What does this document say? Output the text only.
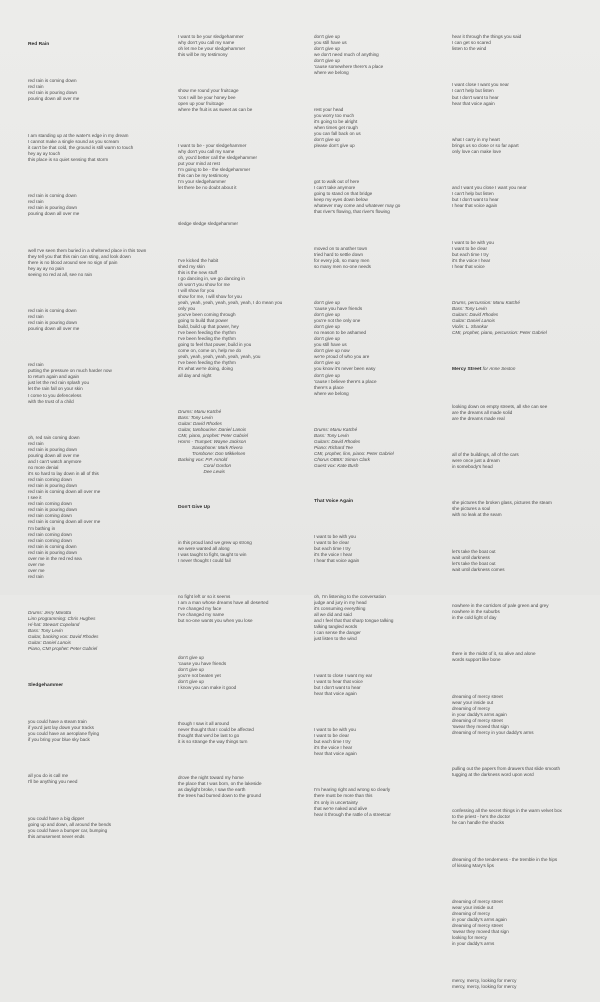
Red Rain

red rain is coming down
red rain
red rain is pouring down
pouring down all over me

I am standing up at the water's edge in my dream
I cannot make a single sound as you scream
it can't be that cold, the ground is still warm to touch
hey ay ay touch
this place is so quiet sensing that storm

red rain is coming down
red rain
red rain is pouring down
pouring down all over me

well I've seen them buried in a sheltered place in this town
they tell you that this rain can sting, and look down
there is no blood around see no sign of pain
hey ay ay no pain
seeing no red at all, see no rain

red rain is coming down
red rain
red rain is pouring down
pouring down all over me

red rain
putting the pressure on much harder now
to return again and again
just let the red rain splash you
let the rain fall on your skin
I come to you defenceless
with the trust of a child

oh, red rain coming down
red rain
red rain is pouring down
pouring down all over me
and I can't watch anymore
no more denial
it's so hard to lay down in all of this
red rain coming down
red rain is pouring down
red rain is coming down all over me
I see it
red rain coming down
red rain is pouring down
red rain coming down
red rain is coming down all over me
I'm bathing in
red rain coming down
red rain coming down
red rain is coming down
red rain is pouring down
over me in the red red sea
over me
over me
red rain

Drums: Jerry Marotta
Linn programming: Chris Hughes
Hi-hat: Stewart Copeland
Bass: Tony Levin
Guitar, backing vox: David Rhodes
Guitar: Daniel Lanois
Piano, CMI prophet: Peter Gabriel

Sledgehammer

you could have a steam train
if you'd just lay down your tracks
you could have an aeroplane flying
if you bring your blue sky back

all you do is call me
I'll be anything you need

you could have a big dipper
going up and down, all around the bends
you could have a bumper car, bumping
this amusement never ends

I want to be your sledgehammer
why don't you call my name
oh let me be your sledgehammer
this will be my testimony

show me round your fruitcage
'cos I will be your honey bee
open up your fruitcage
where the fruit is as sweet as can be

I want to be - your sledgehammer
why don't you call my name
oh, you'd better call the sledgehammer
put your mind at rest
I'm going to be - the sledgehammer
this can be my testimony
I'm your sledgehammer
let there be no doubt about it

sledge sledge sledgehammer

I've kicked the habit
shed my skin
this is the new stuff
I go dancing in, we go dancing in
oh won't you show for me
I will show for you
show for me, I will show for you
yeah, yeah, yeah, yeah, yeah, yeah, I do mean you
only you
you've been coming through
going to build that power
build, build up that power, hey
I've been feeding the rhythm
I've been feeding the rhythm
going to feel that power, build in you
come on, come on, help me do
yeah, yeah, yeah, yeah, yeah, yeah, you
I've been feeding the rhythm
it's what we're doing, doing
all day and night

Drums: Manu Katché
Bass: Tony Levin
Guitar: David Rhodes
Guitar, tambourine: Daniel Lanois
CMI, piano, prophet: Peter Gabriel
Horns - Trumpet: Wayne Jackson
Saxophone: Mark Rivera
Trombone: Don Mikkelsen
Backing vox: P.P. Arnold
Coral Gordon
Dee Lewis

Don't Give Up

in this proud land we grew up strong
we were wanted all along
I was taught to fight, taught to win
I never thought I could fail

no fight left or so it seems
I am a man whose dreams have all deserted
I've changed my face
I've changed my name
but no-one wants you when you lose

don't give up
'cause you have friends
don't give up
you're not beaten yet
don't give up
I know you can make it good

though I saw it all around
never thought that I could be affected
thought that we'd be last to go
it is so strange the way things turn

drove the night toward my home
the place that I was born, on the lakeside
as daylight broke, I saw the earth
the trees had burned down to the ground

don't give up
you still have us
don't give up
we don't need much of anything
don't give up
'cause somewhere there's a place
where we belong

rest your head
you worry too much
it's going to be alright
when times get rough
you can fall back on us
don't give up
please don't give up

got to walk out of here
I can't take anymore
going to stand on that bridge
keep my eyes down below
whatever may come and whatever may go
that river's flowing, that river's flowing

moved on to another town
tried hard to settle down
for every job, so many men
so many men no-one needs

don't give up
'cause you have friends
don't give up
you're not the only one
don't give up
no reason to be ashamed
don't give up
you still have us
don't give up now
we're proud of who you are
don't give up
you know it's never been easy
don't give up
'cause I believe there's a place
there's a place
where we belong

Drums: Manu Katché
Bass: Tony Levin
Guitars: David Rhodes
Piano: Richard Tee
CMI, prophet, linn, piano: Peter Gabriel
Chorus OB8X: Simon Clark
Guest vox: Kate Bush

That Voice Again

I want to be with you
I want to be clear
but each time I try
it's the voice I hear
I hear that voice again

oh, I'm listening to the conversation
judge and jury in my head
it's consuming everything
all we did and said
and I feel that that sharp tongue talking
talking tangled words
I can sense the danger
just listen to the wind

I want to close I want my ear
I want to hear that voice
but I don't want to hear
hear that voice again

I want to be with you
I want to be clear
but each time I try
it's the voice I hear
hear that voice again

I'm hearing right and wrong so clearly
there must be more than this
it's only in uncertainty
that we're naked and alive
hear it through the rattle of a streetcar

hear it through the things you said
I can get so scared
listen to the wind

I want close I want you near
I can't help but listen
but I don't want to hear
hear that voice again

what I carry in my heart
brings us so close or so far apart
only love can make love

and I want you close I want you near
I can't help but listen
but I don't want to hear
I hear that voice again

I want to be with you
I want to be clear
but each time I try
it's the voice I hear
I hear that voice

Drums, percussion: Manu Katché
Bass: Tony Levin
Guitars: David Rhodes
Guitar: Daniel Lanois
Violin: L. Shankar
CMI, prophet, piano, percussion: Peter Gabriel

Mercy Street for Anne Sexton

looking down on empty streets, all she can see
are the dreams all made solid
are the dreams made real

all of the buildings, all of the cars
were once just a dream
in somebody's head

she pictures the broken glass, pictures the steam
she pictures a soul
with no leak at the seam

let's take the boat out
wait until darkness
let's take the boat out
wait until darkness comes

nowhere in the corridors of pale green and grey
nowhere in the suburbs
in the cold light of day

there in the midst of it, so alive and alone
words support like bone

dreaming of mercy street
wear your inside out
dreaming of mercy
in your daddy's arms again
dreaming of mercy street
'swear they moved that sign
dreaming of mercy in your daddy's arms

pulling out the papers from drawers that slide smooth
tugging at the darkness word upon word

confessing all the secret things in the warm velvet box
to the priest - he's the doctor
he can handle the shocks

dreaming of the tenderness - the tremble in the hips
of kissing Mary's lips

dreaming of mercy street
wear your inside out
dreaming of mercy
in your daddy's arms again
dreaming of mercy street
'swear they moved that sign
looking for mercy
in your daddy's arms

mercy, mercy, looking for mercy
mercy, mercy, looking for mercy
